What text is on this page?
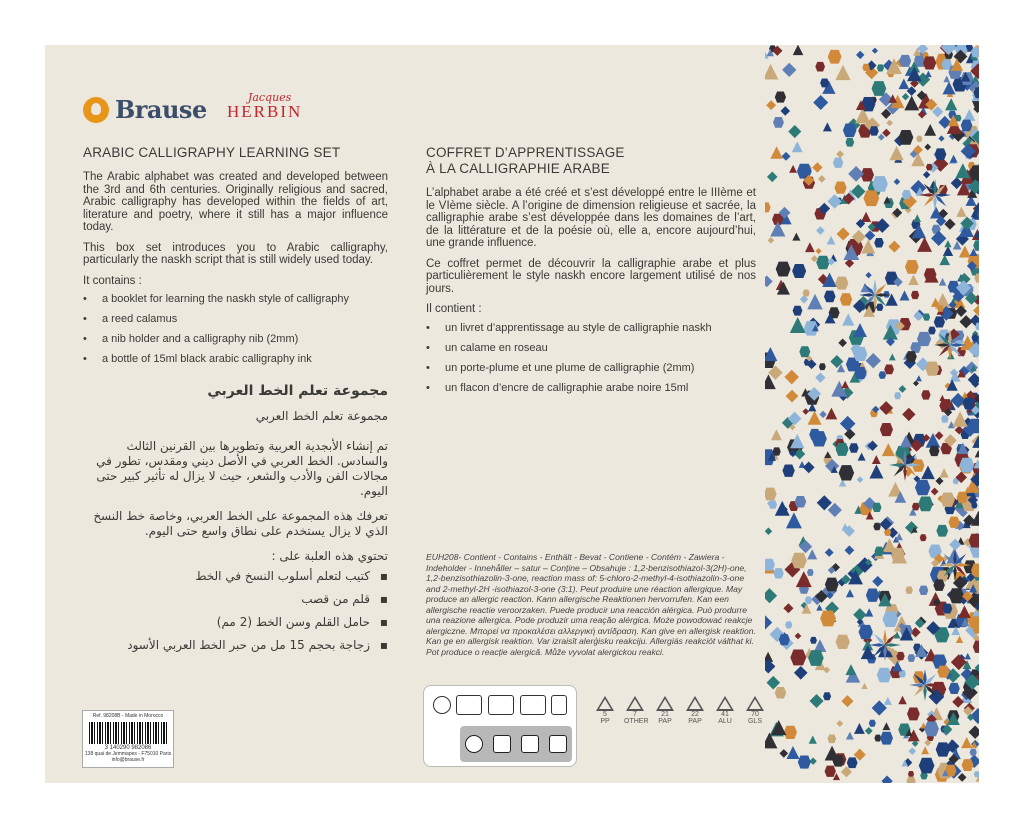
Brause	Jacques
HERBIN
ARABIC CALLIGRAPHY LEARNING SET

The Arabic alphabet was created and developed between the 3rd and 6th centuries. Originally religious and sacred, Arabic calligraphy has developed within the fields of art, literature and poetry, where it still has a major influence today.

This box set introduces you to Arabic calligraphy, particularly the naskh script that is still widely used today.

It contains :

• a booklet for learning the naskh style of calligraphy
• a reed calamus
• a nib holder and a calligraphy nib (2mm)
• a bottle of 15ml black arabic calligraphy ink
مجموعة تعلم الخط العربي
مجموعة تعلم الخط العربي
تم إنشاء الأبجدية العربية وتطويرها بين القرنين الثالث والسادس. الخط العربي في الأصل ديني ومقدس، تطور في مجالات الفن والأدب والشعر، حيث لا يزال له تأثير كبير حتى اليوم.
تعرفك هذه المجموعة على الخط العربي، وخاصة خط النسخ الذي لا يزال يستخدم على نطاق واسع حتى اليوم.
تحتوي هذه العلبة على :
▪ كتيب لتعلم أسلوب النسخ في الخط
▪ قلم من قصب
▪ حامل القلم وسن الخط (2 مم)
▪ زجاجة بحجم 15 مل من حبر الخط العربي الأسود
COFFRET D’APPRENTISSAGE
À LA CALLIGRAPHIE ARABE

L’alphabet arabe a été créé et s’est développé entre le IIIème et le VIème siècle. A l’origine de dimension religieuse et sacrée, la calligraphie arabe s’est développée dans les domaines de l’art, de la littérature et de la poésie où, elle a, encore aujourd’hui, une grande influence.

Ce coffret permet de découvrir la calligraphie arabe et plus particulièrement le style naskh encore largement utilisé de nos jours.

Il contient :

• un livret d’apprentissage au style de calligraphie naskh
• un calame en roseau
• un porte-plume et une plume de calligraphie (2mm)
• un flacon d’encre de calligraphie arabe noire 15ml
EUH208- Contient - Contains - Enthält - Bevat - Contiene - Contém - Zawiera - Indeholder - Innehåller – satur – Conține – Obsahuje : 1,2-benzisothiazol-3(2H)-one, 1,2-benzisothiazolin-3-one, reaction mass of: 5-chloro-2-methyl-4-isothiazolin-3-one and 2-methyl-2H -isothiazol-3-one (3:1). Peut produire une réaction allergique. May produce an allergic reaction. Kann allergische Reaktionen hervorrufen. Kan een allergische reactie veroorzaken. Puede producir una reacción alérgica. Può produrre una reazione allergica. Pode produzir uma reação alérgica. Może powodować reakcje alergiczne. Μπορεί να προκαλέσει αλλεργική αντίδραση. Kan give en allergisk reaktion. Kan ge en allergisk reaktion. Var izraisīt alerģisku reakciju. Allergiás reakciót válthat ki. Pot produce o reacție alergică. Může vyvolat alergickou reakci.
5
PP
7
OTHER
21
PAP
22
PAP
41
ALU
70
GLS
Ref. 98208B - Made in Morocco
3 140290 982086
138 quai de Jemmapes - F75010 Paris
info@brause.fr
